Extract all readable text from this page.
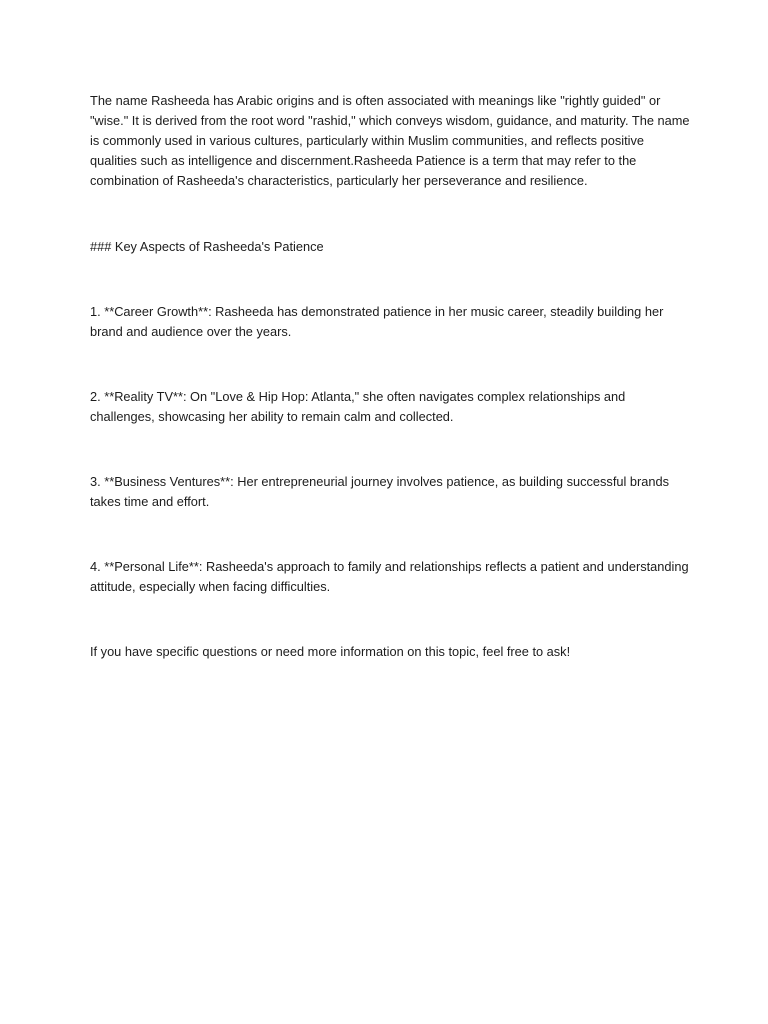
The name Rasheeda has Arabic origins and is often associated with meanings like "rightly guided" or "wise." It is derived from the root word "rashid," which conveys wisdom, guidance, and maturity. The name is commonly used in various cultures, particularly within Muslim communities, and reflects positive qualities such as intelligence and discernment.Rasheeda Patience is a term that may refer to the combination of Rasheeda's characteristics, particularly her perseverance and resilience.

### Key Aspects of Rasheeda's Patience

1. **Career Growth**: Rasheeda has demonstrated patience in her music career, steadily building her brand and audience over the years.
2. **Reality TV**: On "Love & Hip Hop: Atlanta," she often navigates complex relationships and challenges, showcasing her ability to remain calm and collected.
3. **Business Ventures**: Her entrepreneurial journey involves patience, as building successful brands takes time and effort.
4. **Personal Life**: Rasheeda's approach to family and relationships reflects a patient and understanding attitude, especially when facing difficulties.

If you have specific questions or need more information on this topic, feel free to ask!
